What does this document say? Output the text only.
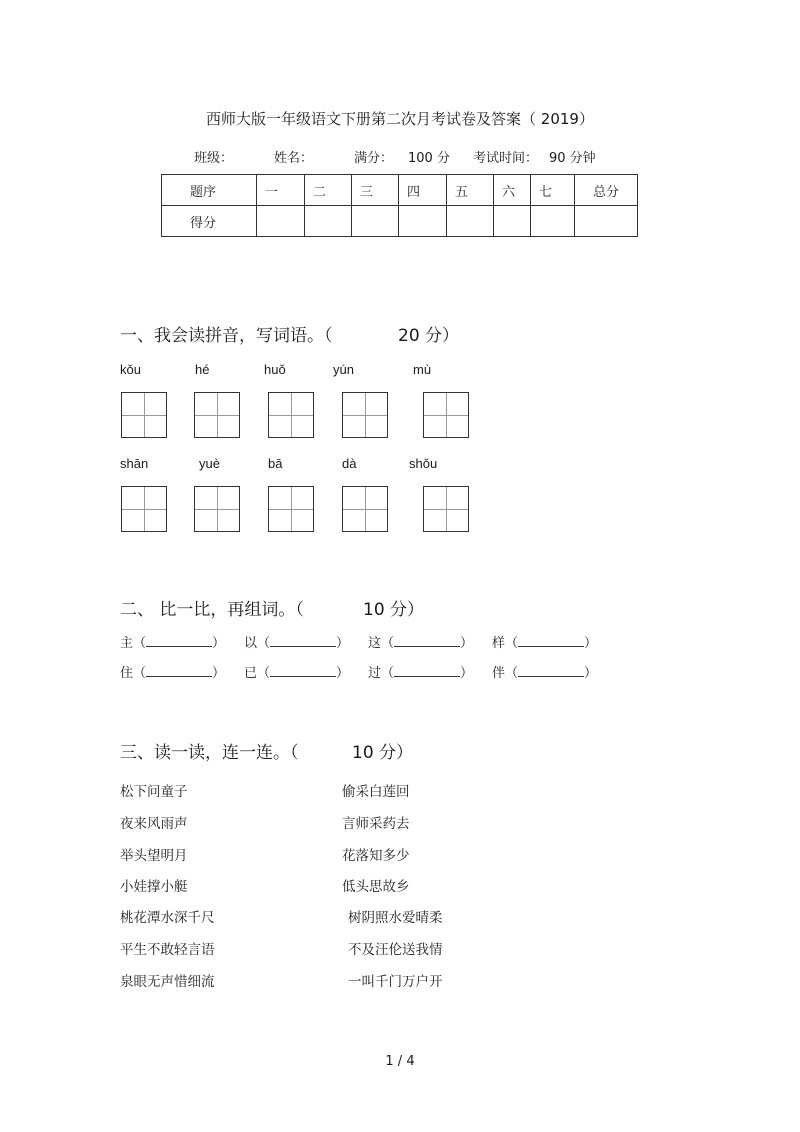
西师大版一年级语文下册第二次月考试卷及答案（ 2019）
班级：	姓名：	满分： 100 分 考试时间： 90 分钟
题序	一	二	三	四	五	六	七	总分
得分								
一、我会读拼音，写词语。（	20 分）
kǒu	hé	huǒ	yún	mù
shān	yuè	bā	dà	shǒu
二、 比一比，再组词。（	10 分）
主（	） 以（	） 这（	） 样（	）
住（	） 已（	） 过（	） 伴（	）
三、读一读，连一连。（	10 分）
松下问童子
夜来风雨声
举头望明月
小娃撑小艇
桃花潭水深千尺
平生不敢轻言语
泉眼无声惜细流
偷采白莲回
言师采药去
花落知多少
低头思故乡
树阴照水爱晴柔
不及汪伦送我情
一叫千门万户开
1 / 4
